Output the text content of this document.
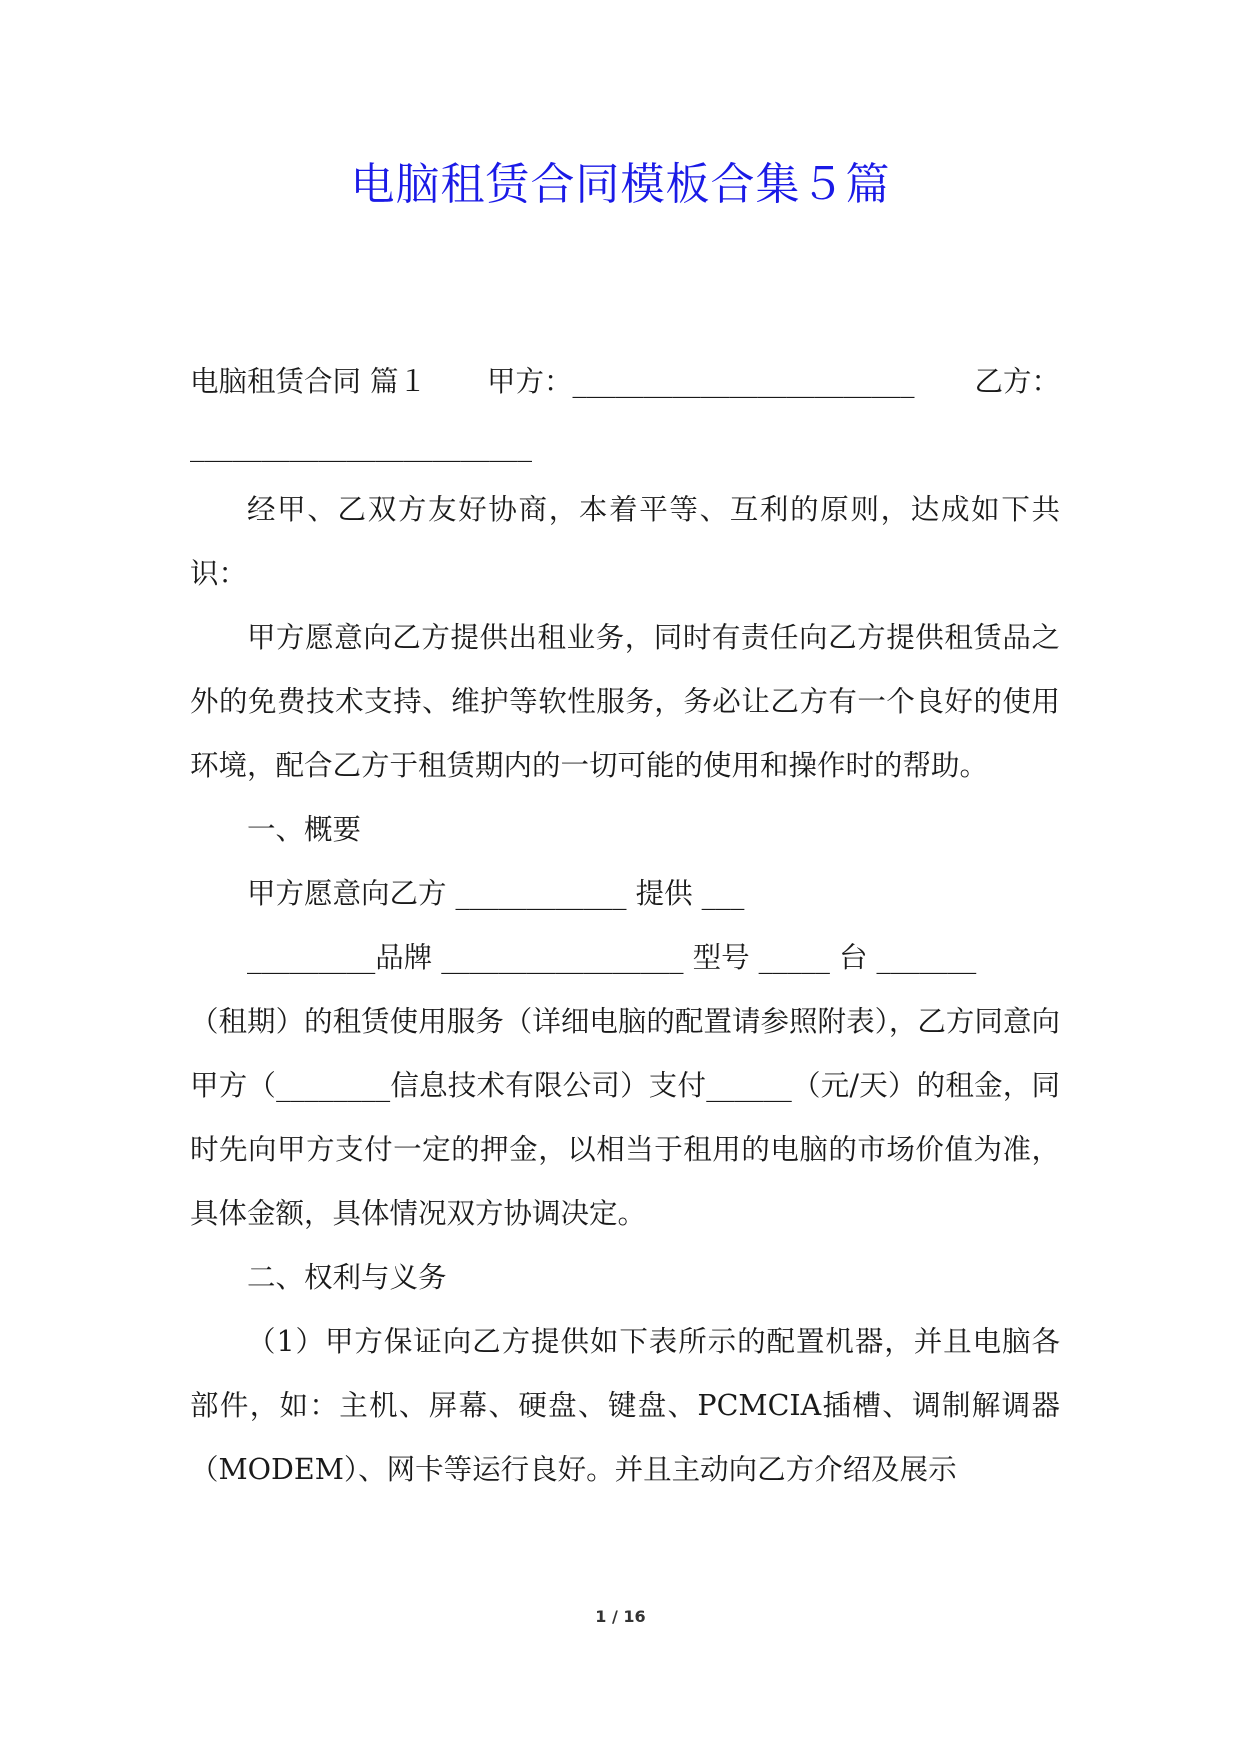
电脑租赁合同模板合集５篇
电脑租赁合同 篇１ 甲方：________________________ 乙方：
________________________

经甲、乙双方友好协商，本着平等、互利的原则，达成如下共识：

甲方愿意向乙方提供出租业务，同时有责任向乙方提供租赁品之外的免费技术支持、维护等软性服务，务必让乙方有一个良好的使用环境，配合乙方于租赁期内的一切可能的使用和操作时的帮助。

一、概要

甲方愿意向乙方 ____________ 提供 ___

_________品牌 _________________ 型号 _____ 台 _______

（租期）的租赁使用服务（详细电脑的配置请参照附表），乙方同意向甲方（________信息技术有限公司）支付______（元/天）的租金，同时先向甲方支付一定的押金，以相当于租用的电脑的市场价值为准，具体金额，具体情况双方协调决定。

二、权利与义务

（1）甲方保证向乙方提供如下表所示的配置机器，并且电脑各部件，如：主机、屏幕、硬盘、键盘、PCMCIA插槽、调制解调器（MODEM）、网卡等运行良好。并且主动向乙方介绍及展示

1 / 16
